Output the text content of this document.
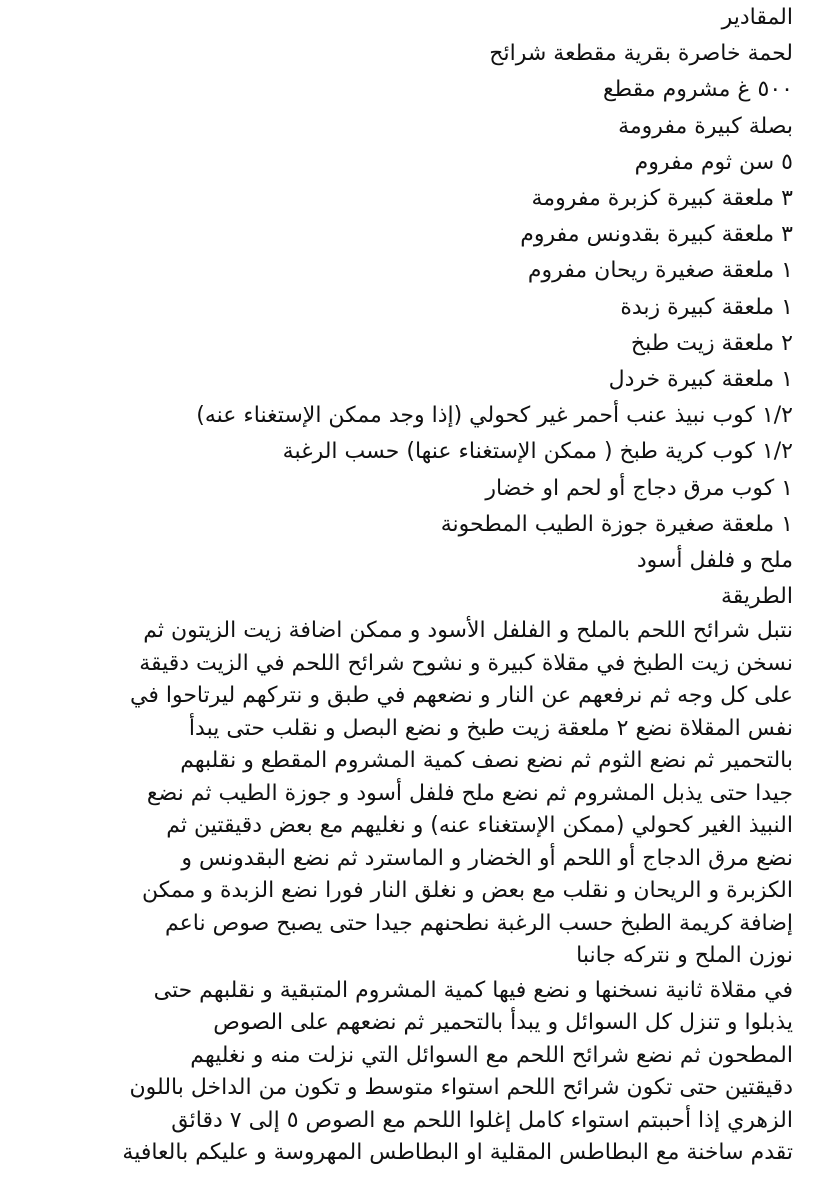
المقادير
لحمة خاصرة بقرية مقطعة شرائح
٥٠٠ غ مشروم مقطع
بصلة كبيرة مفرومة
٥ سن ثوم مفروم
٣ ملعقة كبيرة كزبرة مفرومة
٣ ملعقة كبيرة بقدونس مفروم
١ ملعقة صغيرة ريحان مفروم
١ ملعقة كبيرة زبدة
٢ ملعقة زيت طبخ
١ ملعقة كبيرة خردل
١/٢ كوب نبيذ عنب أحمر غير كحولي (إذا وجد ممكن الإستغناء عنه)
١/٢ كوب كرية طبخ ( ممكن الإستغناء عنها) حسب الرغبة
١ كوب مرق دجاج أو لحم او خضار
١ ملعقة صغيرة جوزة الطيب المطحونة
ملح و فلفل أسود
الطريقة

نتبل شرائح اللحم بالملح و الفلفل الأسود و ممكن اضافة زيت الزيتون ثم
نسخن زيت الطبخ في مقلاة كبيرة و نشوح شرائح اللحم في الزيت دقيقة
على كل وجه ثم نرفعهم عن النار و نضعهم في طبق و نتركهم ليرتاحوا في
نفس المقلاة نضع ٢ ملعقة زيت طبخ و نضع البصل و نقلب حتى يبدأ
بالتحمير ثم نضع الثوم ثم نضع نصف كمية المشروم المقطع و نقلبهم
جيدا حتى يذبل المشروم ثم نضع ملح فلفل أسود و جوزة الطيب ثم نضع
النبيذ الغير كحولي (ممكن الإستغناء عنه) و نغليهم مع بعض دقيقتين ثم
نضع مرق الدجاج أو اللحم أو الخضار و الماسترد ثم نضع البقدونس و
الكزبرة و الريحان و نقلب مع بعض و نغلق النار فورا نضع الزبدة و ممكن
إضافة كريمة الطبخ حسب الرغبة نطحنهم جيدا حتى يصبح صوص ناعم
نوزن الملح و نتركه جانبا

في مقلاة ثانية نسخنها و نضع فيها كمية المشروم المتبقية و نقلبهم حتى
يذبلوا و تنزل كل السوائل و يبدأ بالتحمير ثم نضعهم على الصوص
المطحون ثم نضع شرائح اللحم مع السوائل التي نزلت منه و نغليهم
دقيقتين حتى تكون شرائح اللحم استواء متوسط و تكون من الداخل باللون
الزهري إذا أحببتم استواء كامل إغلوا اللحم مع الصوص ٥ إلى ٧ دقائق
تقدم ساخنة مع البطاطس المقلية او البطاطس المهروسة و عليكم بالعافية
